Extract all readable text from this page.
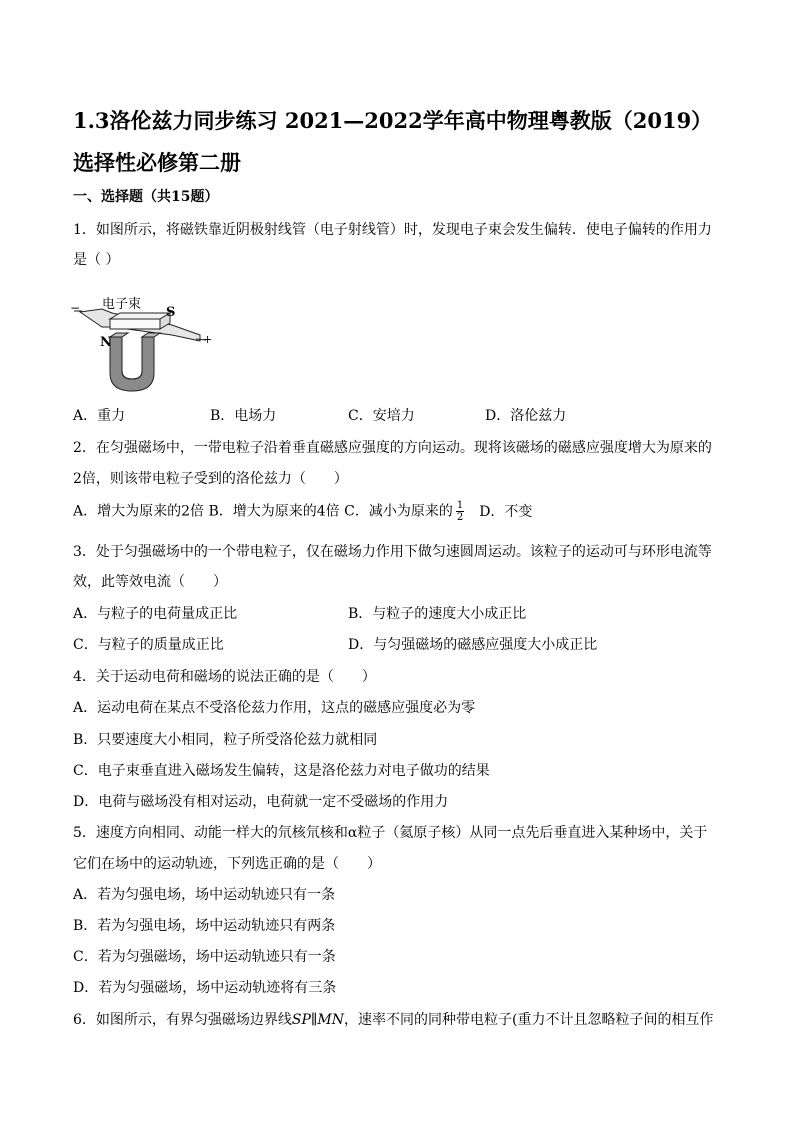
1.3洛伦兹力同步练习 2021—2022学年高中物理粤教版（2019）选择性必修第二册
一、选择题（共15题）
1．如图所示，将磁铁靠近阴极射线管（电子射线管）时，发现电子束会发生偏转．使电子偏转的作用力
是（ ）
电子束
S
N
−
+
A．重力	B．电场力	C．安培力	D．洛伦兹力
2．在匀强磁场中，一带电粒子沿着垂直磁感应强度的方向运动。现将该磁场的磁感应强度增大为原来的
2倍，则该带电粒子受到的洛伦兹力（　　）
A．增大为原来的2倍 B．增大为原来的4倍 C．减小为原来的 $\frac{1}{2}$ D．不变
3．处于匀强磁场中的一个带电粒子，仅在磁场力作用下做匀速圆周运动。该粒子的运动可与环形电流等
效，此等效电流（　　）
A．与粒子的电荷量成正比	B．与粒子的速度大小成正比
C．与粒子的质量成正比	D．与匀强磁场的磁感应强度大小成正比
4．关于运动电荷和磁场的说法正确的是（　　）
A．运动电荷在某点不受洛伦兹力作用，这点的磁感应强度必为零
B．只要速度大小相同，粒子所受洛伦兹力就相同
C．电子束垂直进入磁场发生偏转，这是洛伦兹力对电子做功的结果
D．电荷与磁场没有相对运动，电荷就一定不受磁场的作用力
5．速度方向相同、动能一样大的氘核氘核和α粒子（氦原子核）从同一点先后垂直进入某种场中，关于
它们在场中的运动轨迹，下列选正确的是（　　）
A．若为匀强电场，场中运动轨迹只有一条
B．若为匀强电场，场中运动轨迹只有两条
C．若为匀强磁场，场中运动轨迹只有一条
D．若为匀强磁场，场中运动轨迹将有三条
6．如图所示，有界匀强磁场边界线SP∥MN，速率不同的同种带电粒子(重力不计且忽略粒子间的相互作
